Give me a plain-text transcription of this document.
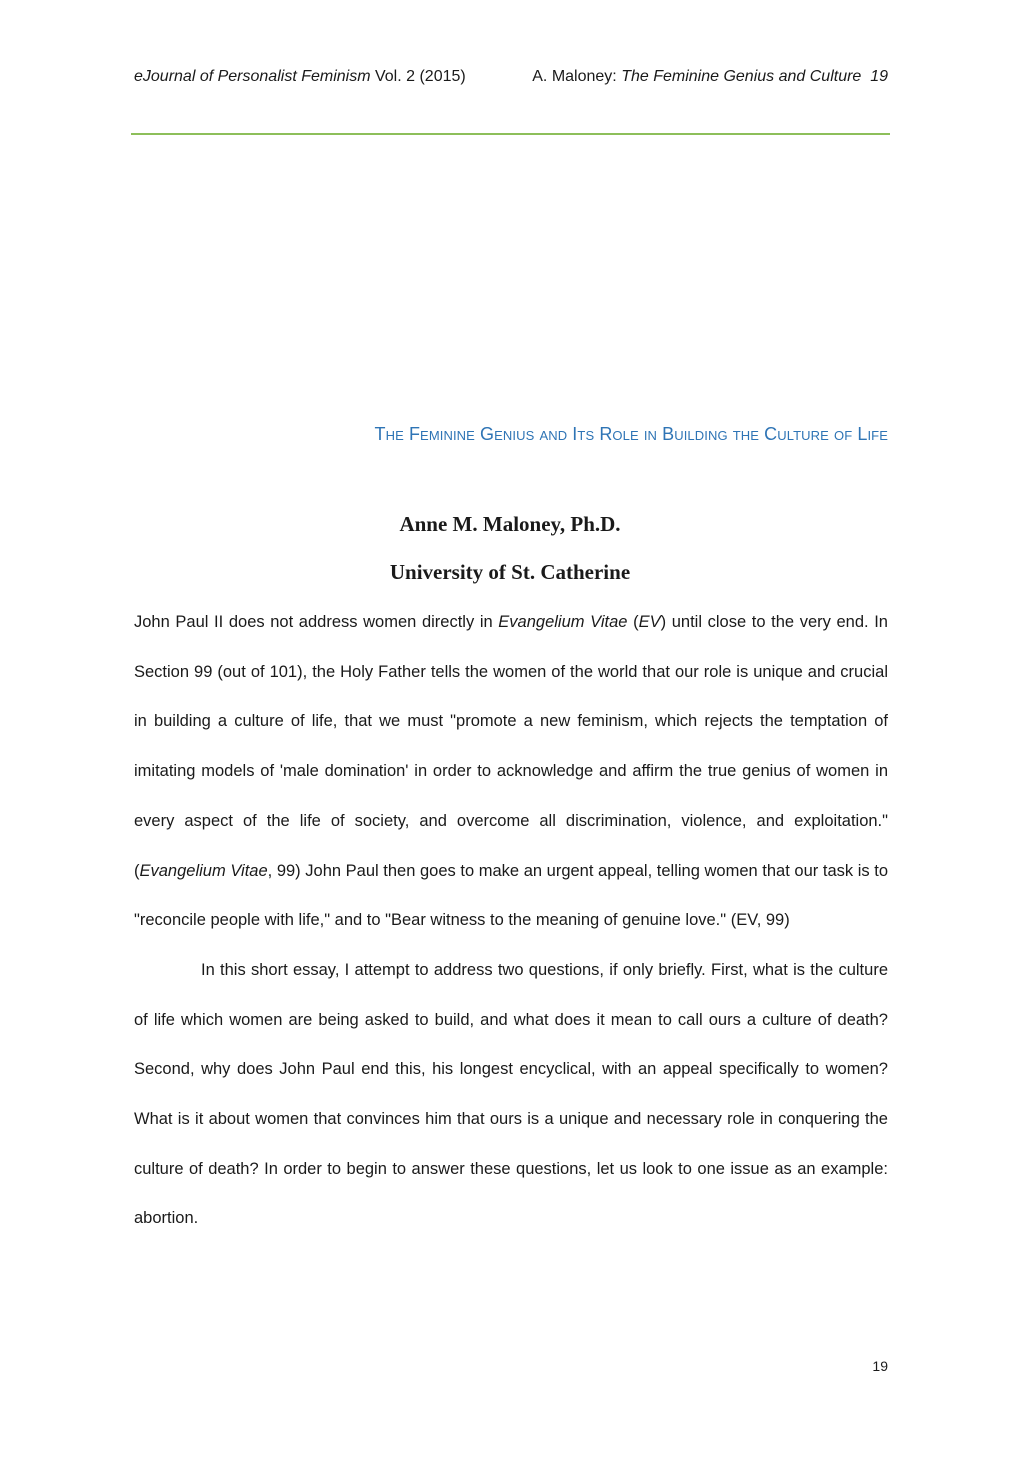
eJournal of Personalist Feminism Vol. 2 (2015)	A. Maloney: The Feminine Genius and Culture 19
The Feminine Genius and Its Role in Building the Culture of Life
Anne M. Maloney, Ph.D.
University of St. Catherine

John Paul II does not address women directly in Evangelium Vitae (EV) until close to the very end. In Section 99 (out of 101), the Holy Father tells the women of the world that our role is unique and crucial in building a culture of life, that we must "promote a new feminism, which rejects the temptation of imitating models of 'male domination' in order to acknowledge and affirm the true genius of women in every aspect of the life of society, and overcome all discrimination, violence, and exploitation." (Evangelium Vitae, 99) John Paul then goes to make an urgent appeal, telling women that our task is to "reconcile people with life," and to "Bear witness to the meaning of genuine love." (EV, 99)

In this short essay, I attempt to address two questions, if only briefly. First, what is the culture of life which women are being asked to build, and what does it mean to call ours a culture of death? Second, why does John Paul end this, his longest encyclical, with an appeal specifically to women? What is it about women that convinces him that ours is a unique and necessary role in conquering the culture of death? In order to begin to answer these questions, let us look to one issue as an example: abortion.

19
